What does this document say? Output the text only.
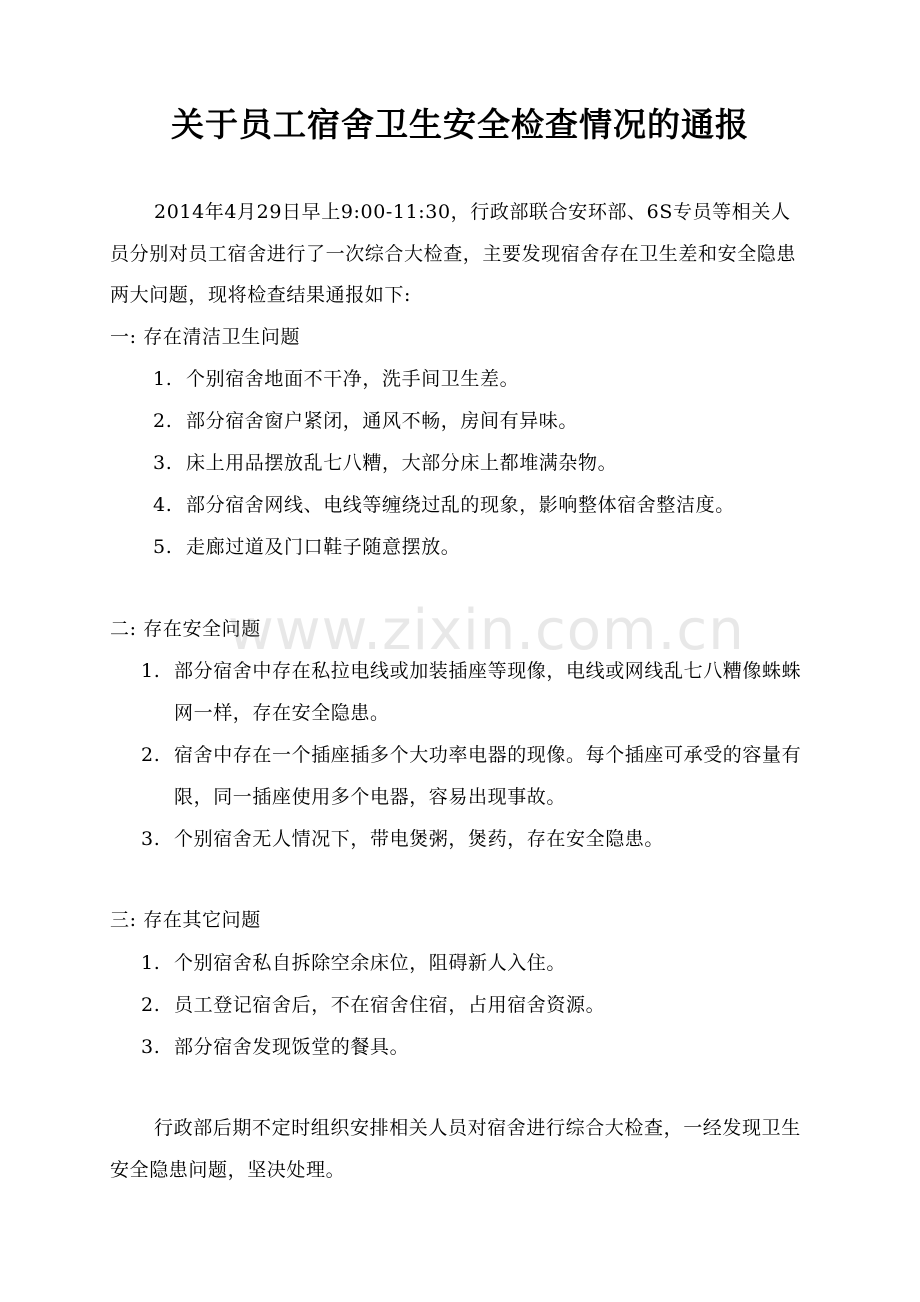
关于员工宿舍卫生安全检查情况的通报
2014年4月29日早上9:00-11:30，行政部联合安环部、6S专员等相关人员分别对员工宿舍进行了一次综合大检查，主要发现宿舍存在卫生差和安全隐患两大问题，现将检查结果通报如下:
一: 存在清洁卫生问题
1. 个别宿舍地面不干净，洗手间卫生差。
2. 部分宿舍窗户紧闭，通风不畅，房间有异味。
3. 床上用品摆放乱七八糟，大部分床上都堆满杂物。
4. 部分宿舍网线、电线等缠绕过乱的现象，影响整体宿舍整洁度。
5. 走廊过道及门口鞋子随意摆放。
二: 存在安全问题
1. 部分宿舍中存在私拉电线或加装插座等现像，电线或网线乱七八糟像蛛蛛网一样，存在安全隐患。
2. 宿舍中存在一个插座插多个大功率电器的现像。每个插座可承受的容量有限，同一插座使用多个电器，容易出现事故。
3. 个别宿舍无人情况下，带电煲粥，煲药，存在安全隐患。
三: 存在其它问题
1. 个别宿舍私自拆除空余床位，阻碍新人入住。
2. 员工登记宿舍后，不在宿舍住宿，占用宿舍资源。
3. 部分宿舍发现饭堂的餐具。
行政部后期不定时组织安排相关人员对宿舍进行综合大检查，一经发现卫生安全隐患问题，坚决处理。
www.zixin.com.cn
